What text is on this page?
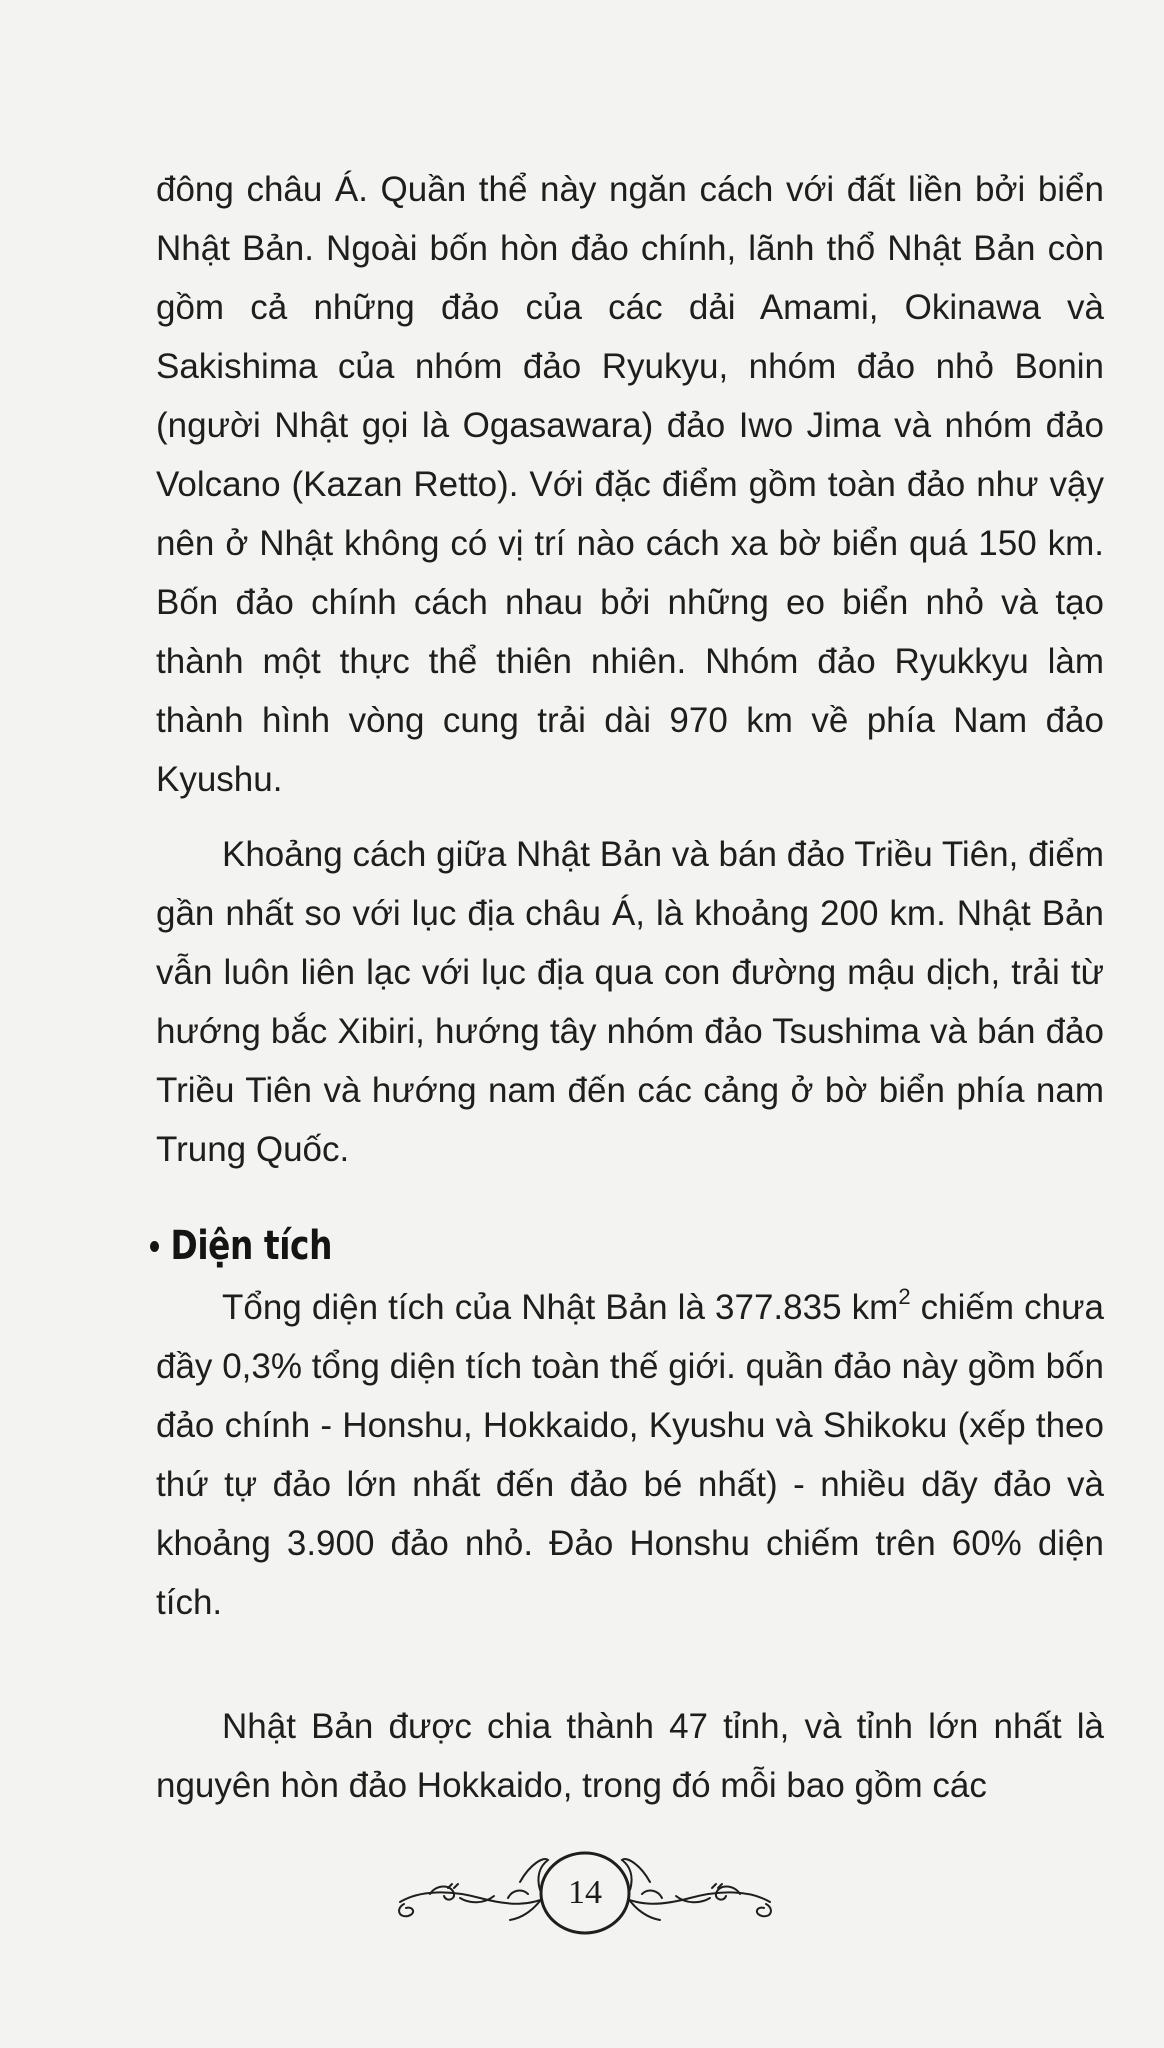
đông châu Á. Quần thể này ngăn cách với đất liền bởi biển Nhật Bản. Ngoài bốn hòn đảo chính, lãnh thổ Nhật Bản còn gồm cả những đảo của các dải Amami, Okinawa và Sakishima của nhóm đảo Ryukyu, nhóm đảo nhỏ Bonin (người Nhật gọi là Ogasawara) đảo Iwo Jima và nhóm đảo Volcano (Kazan Retto). Với đặc điểm gồm toàn đảo như vậy nên ở Nhật không có vị trí nào cách xa bờ biển quá 150 km. Bốn đảo chính cách nhau bởi những eo biển nhỏ và tạo thành một thực thể thiên nhiên. Nhóm đảo Ryukkyu làm thành hình vòng cung trải dài 970 km về phía Nam đảo Kyushu.
Khoảng cách giữa Nhật Bản và bán đảo Triều Tiên, điểm gần nhất so với lục địa châu Á, là khoảng 200 km. Nhật Bản vẫn luôn liên lạc với lục địa qua con đường mậu dịch, trải từ hướng bắc Xibiri, hướng tây nhóm đảo Tsushima và bán đảo Triều Tiên và hướng nam đến các cảng ở bờ biển phía nam Trung Quốc.
Diện tích
Tổng diện tích của Nhật Bản là 377.835 $km^2$ chiếm chưa đầy 0,3% tổng diện tích toàn thế giới. quần đảo này gồm bốn đảo chính - Honshu, Hokkaido, Kyushu và Shikoku (xếp theo thứ tự đảo lớn nhất đến đảo bé nhất) - nhiều dãy đảo và khoảng 3.900 đảo nhỏ. Đảo Honshu chiếm trên 60% diện tích.
Nhật Bản được chia thành 47 tỉnh, và tỉnh lớn nhất là nguyên hòn đảo Hokkaido, trong đó mỗi bao gồm các
14
